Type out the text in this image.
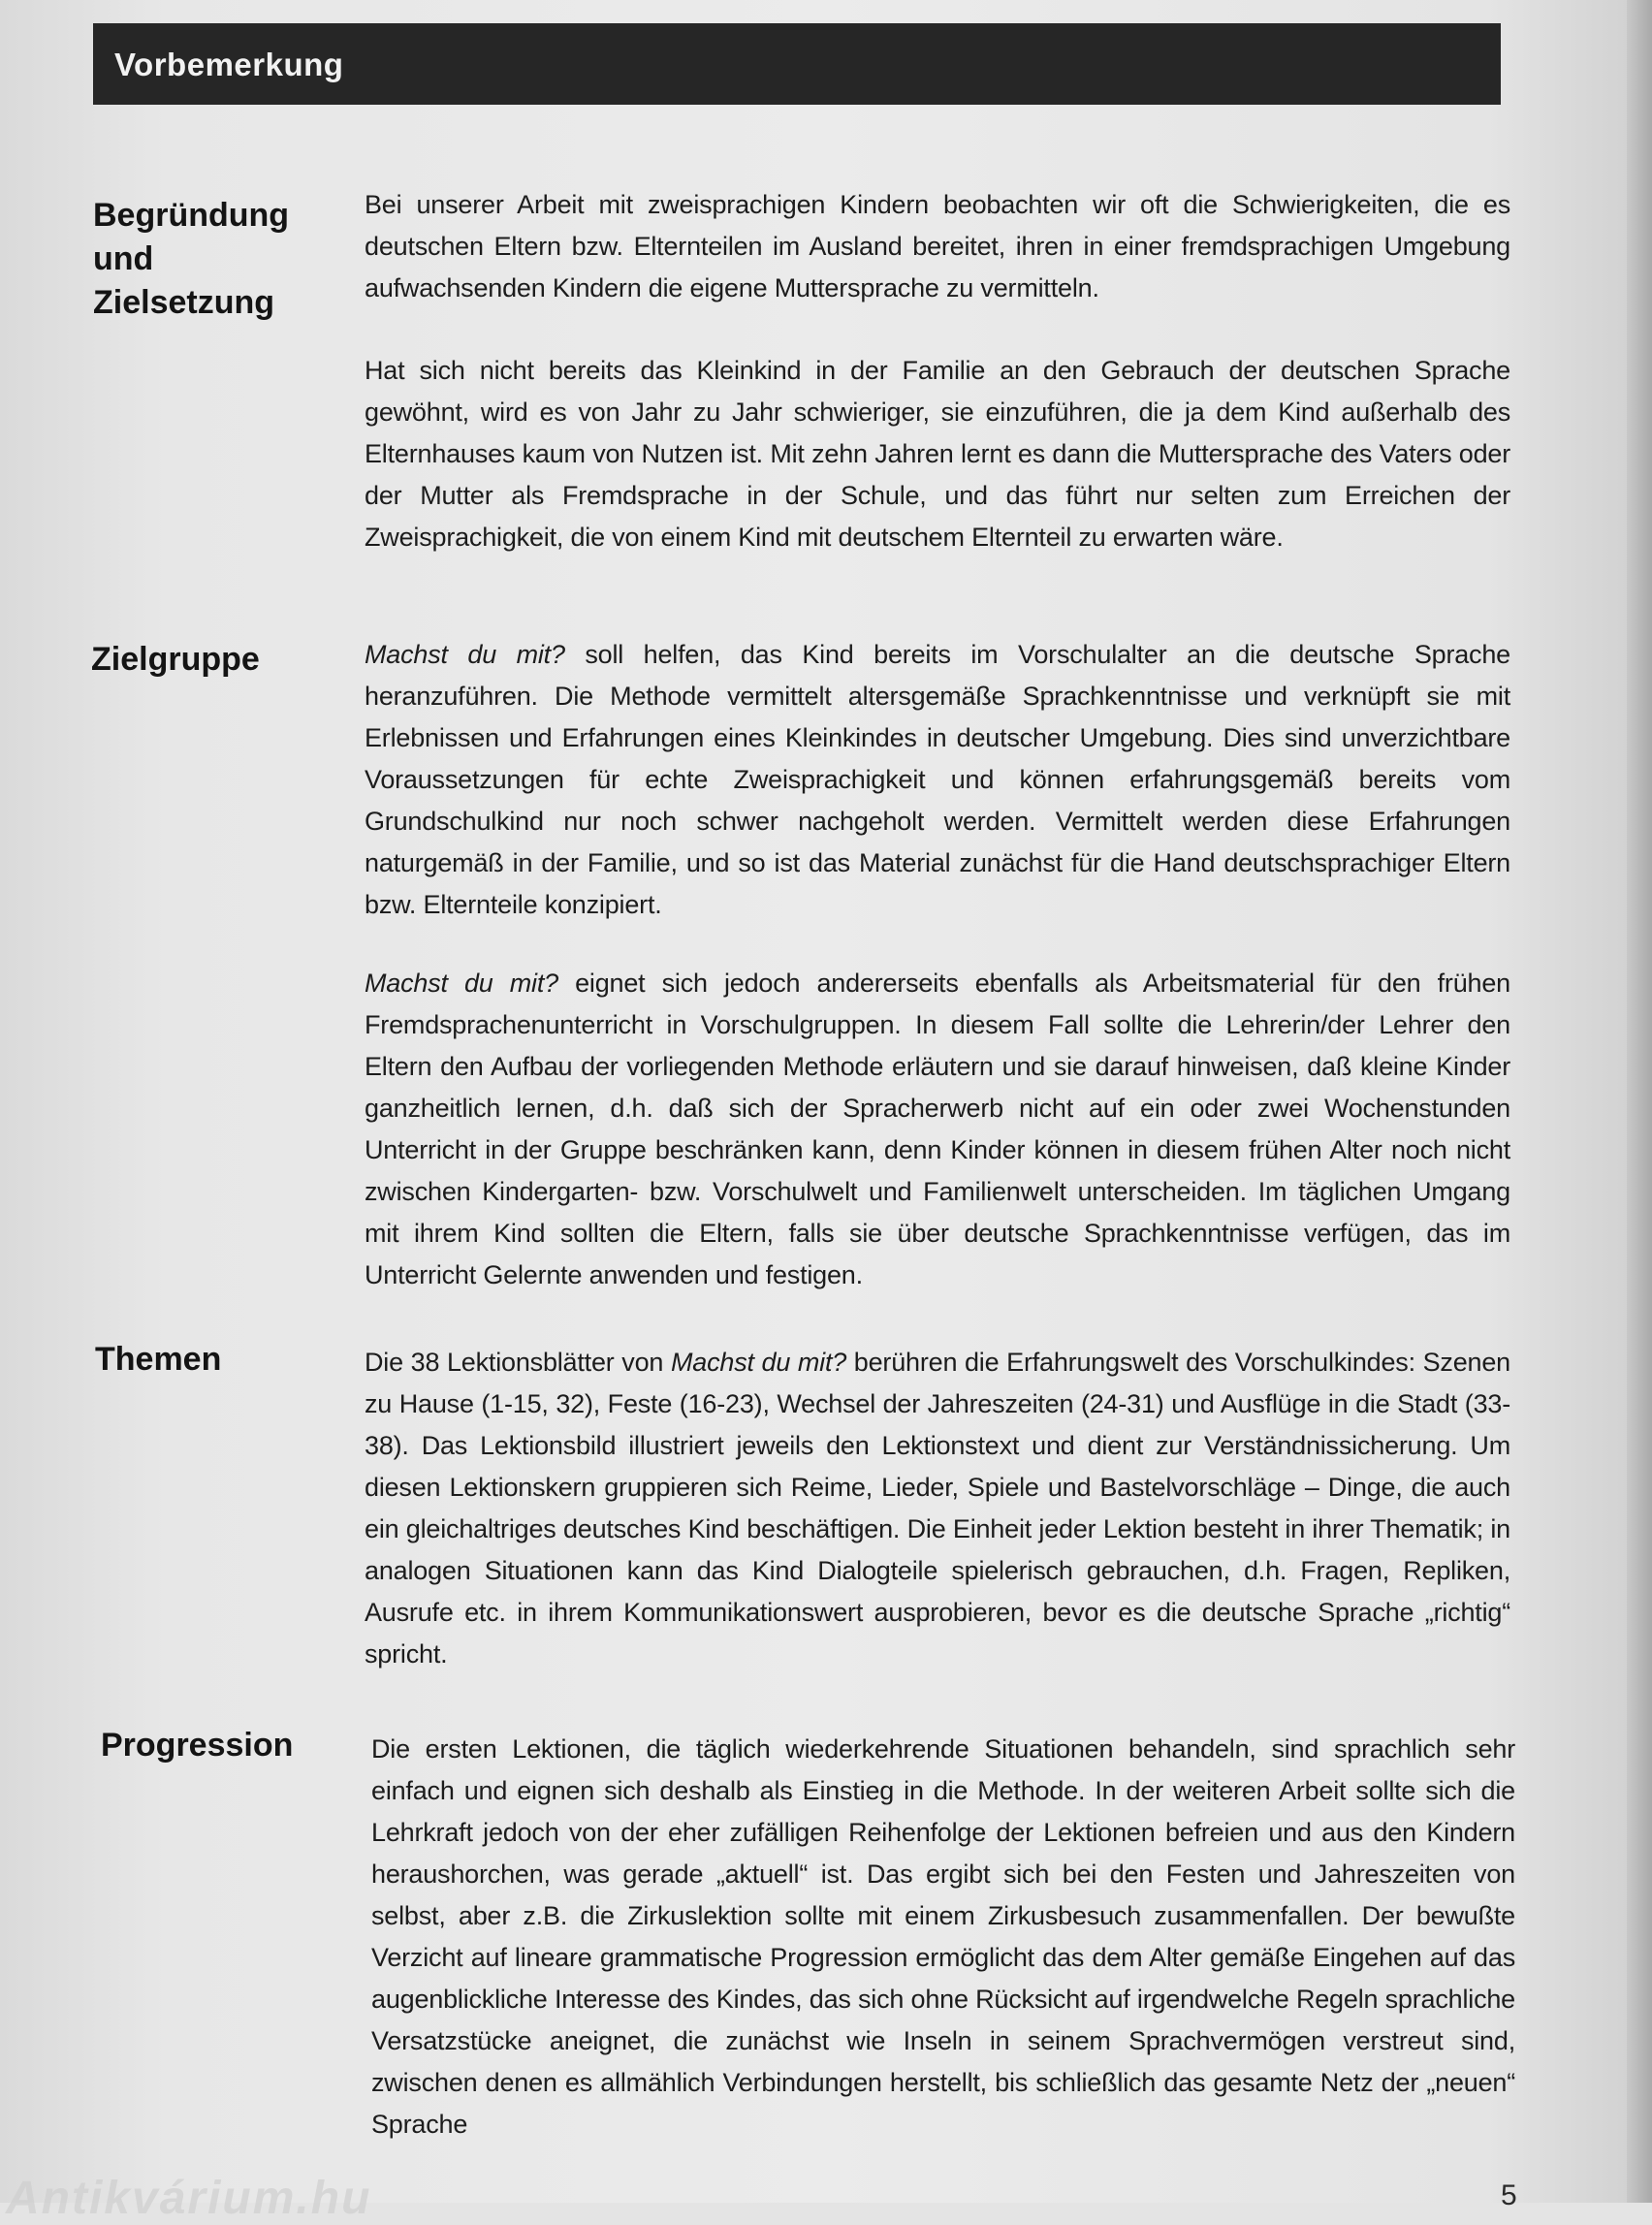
Vorbemerkung
Begründung
und
Zielsetzung
Bei unserer Arbeit mit zweisprachigen Kindern beobachten wir oft die Schwierigkeiten, die es deutschen Eltern bzw. Elternteilen im Ausland bereitet, ihren in einer fremdsprachigen Umgebung aufwachsenden Kindern die eigene Muttersprache zu vermitteln.
Hat sich nicht bereits das Kleinkind in der Familie an den Gebrauch der deutschen Sprache gewöhnt, wird es von Jahr zu Jahr schwieriger, sie einzuführen, die ja dem Kind außerhalb des Elternhauses kaum von Nutzen ist. Mit zehn Jahren lernt es dann die Muttersprache des Vaters oder der Mutter als Fremdsprache in der Schule, und das führt nur selten zum Erreichen der Zweisprachigkeit, die von einem Kind mit deutschem Elternteil zu erwarten wäre.
Zielgruppe	Machst du mit? soll helfen, das Kind bereits im Vorschulalter an die deutsche Sprache heranzuführen. Die Methode vermittelt altersgemäße Sprachkenntnisse und verknüpft sie mit Erlebnissen und Erfahrungen eines Kleinkindes in deutscher Umgebung. Dies sind unverzichtbare Voraussetzungen für echte Zweisprachigkeit und können erfahrungsgemäß bereits vom Grundschulkind nur noch schwer nachgeholt werden. Vermittelt werden diese Erfahrungen naturgemäß in der Familie, und so ist das Material zunächst für die Hand deutschsprachiger Eltern bzw. Elternteile konzipiert.
Machst du mit? eignet sich jedoch andererseits ebenfalls als Arbeitsmaterial für den frühen Fremdsprachenunterricht in Vorschulgruppen. In diesem Fall sollte die Lehrerin/der Lehrer den Eltern den Aufbau der vorliegenden Methode erläutern und sie darauf hinweisen, daß kleine Kinder ganzheitlich lernen, d.h. daß sich der Spracherwerb nicht auf ein oder zwei Wochenstunden Unterricht in der Gruppe beschränken kann, denn Kinder können in diesem frühen Alter noch nicht zwischen Kindergarten- bzw. Vorschulwelt und Familienwelt unterscheiden. Im täglichen Umgang mit ihrem Kind sollten die Eltern, falls sie über deutsche Sprachkenntnisse verfügen, das im Unterricht Gelernte anwenden und festigen.
Themen	Die 38 Lektionsblätter von Machst du mit? berühren die Erfahrungswelt des Vorschulkindes: Szenen zu Hause (1-15, 32), Feste (16-23), Wechsel der Jahreszeiten (24-31) und Ausflüge in die Stadt (33-38). Das Lektionsbild illustriert jeweils den Lektionstext und dient zur Verständnissicherung. Um diesen Lektionskern gruppieren sich Reime, Lieder, Spiele und Bastelvorschläge – Dinge, die auch ein gleichaltriges deutsches Kind beschäftigen. Die Einheit jeder Lektion besteht in ihrer Thematik; in analogen Situationen kann das Kind Dialogteile spielerisch gebrauchen, d.h. Fragen, Repliken, Ausrufe etc. in ihrem Kommunikationswert ausprobieren, bevor es die deutsche Sprache „richtig“ spricht.
Progression	Die ersten Lektionen, die täglich wiederkehrende Situationen behandeln, sind sprachlich sehr einfach und eignen sich deshalb als Einstieg in die Methode. In der weiteren Arbeit sollte sich die Lehrkraft jedoch von der eher zufälligen Reihenfolge der Lektionen befreien und aus den Kindern heraushorchen, was gerade „aktuell“ ist. Das ergibt sich bei den Festen und Jahreszeiten von selbst, aber z.B. die Zirkuslektion sollte mit einem Zirkusbesuch zusammenfallen. Der bewußte Verzicht auf lineare grammatische Progression ermöglicht das dem Alter gemäße Eingehen auf das augenblickliche Interesse des Kindes, das sich ohne Rücksicht auf irgendwelche Regeln sprachliche Versatzstücke aneignet, die zunächst wie Inseln in seinem Sprachvermögen verstreut sind, zwischen denen es allmählich Verbindungen herstellt, bis schließlich das gesamte Netz der „neuen“ Sprache
Antikvárium.hu	5
